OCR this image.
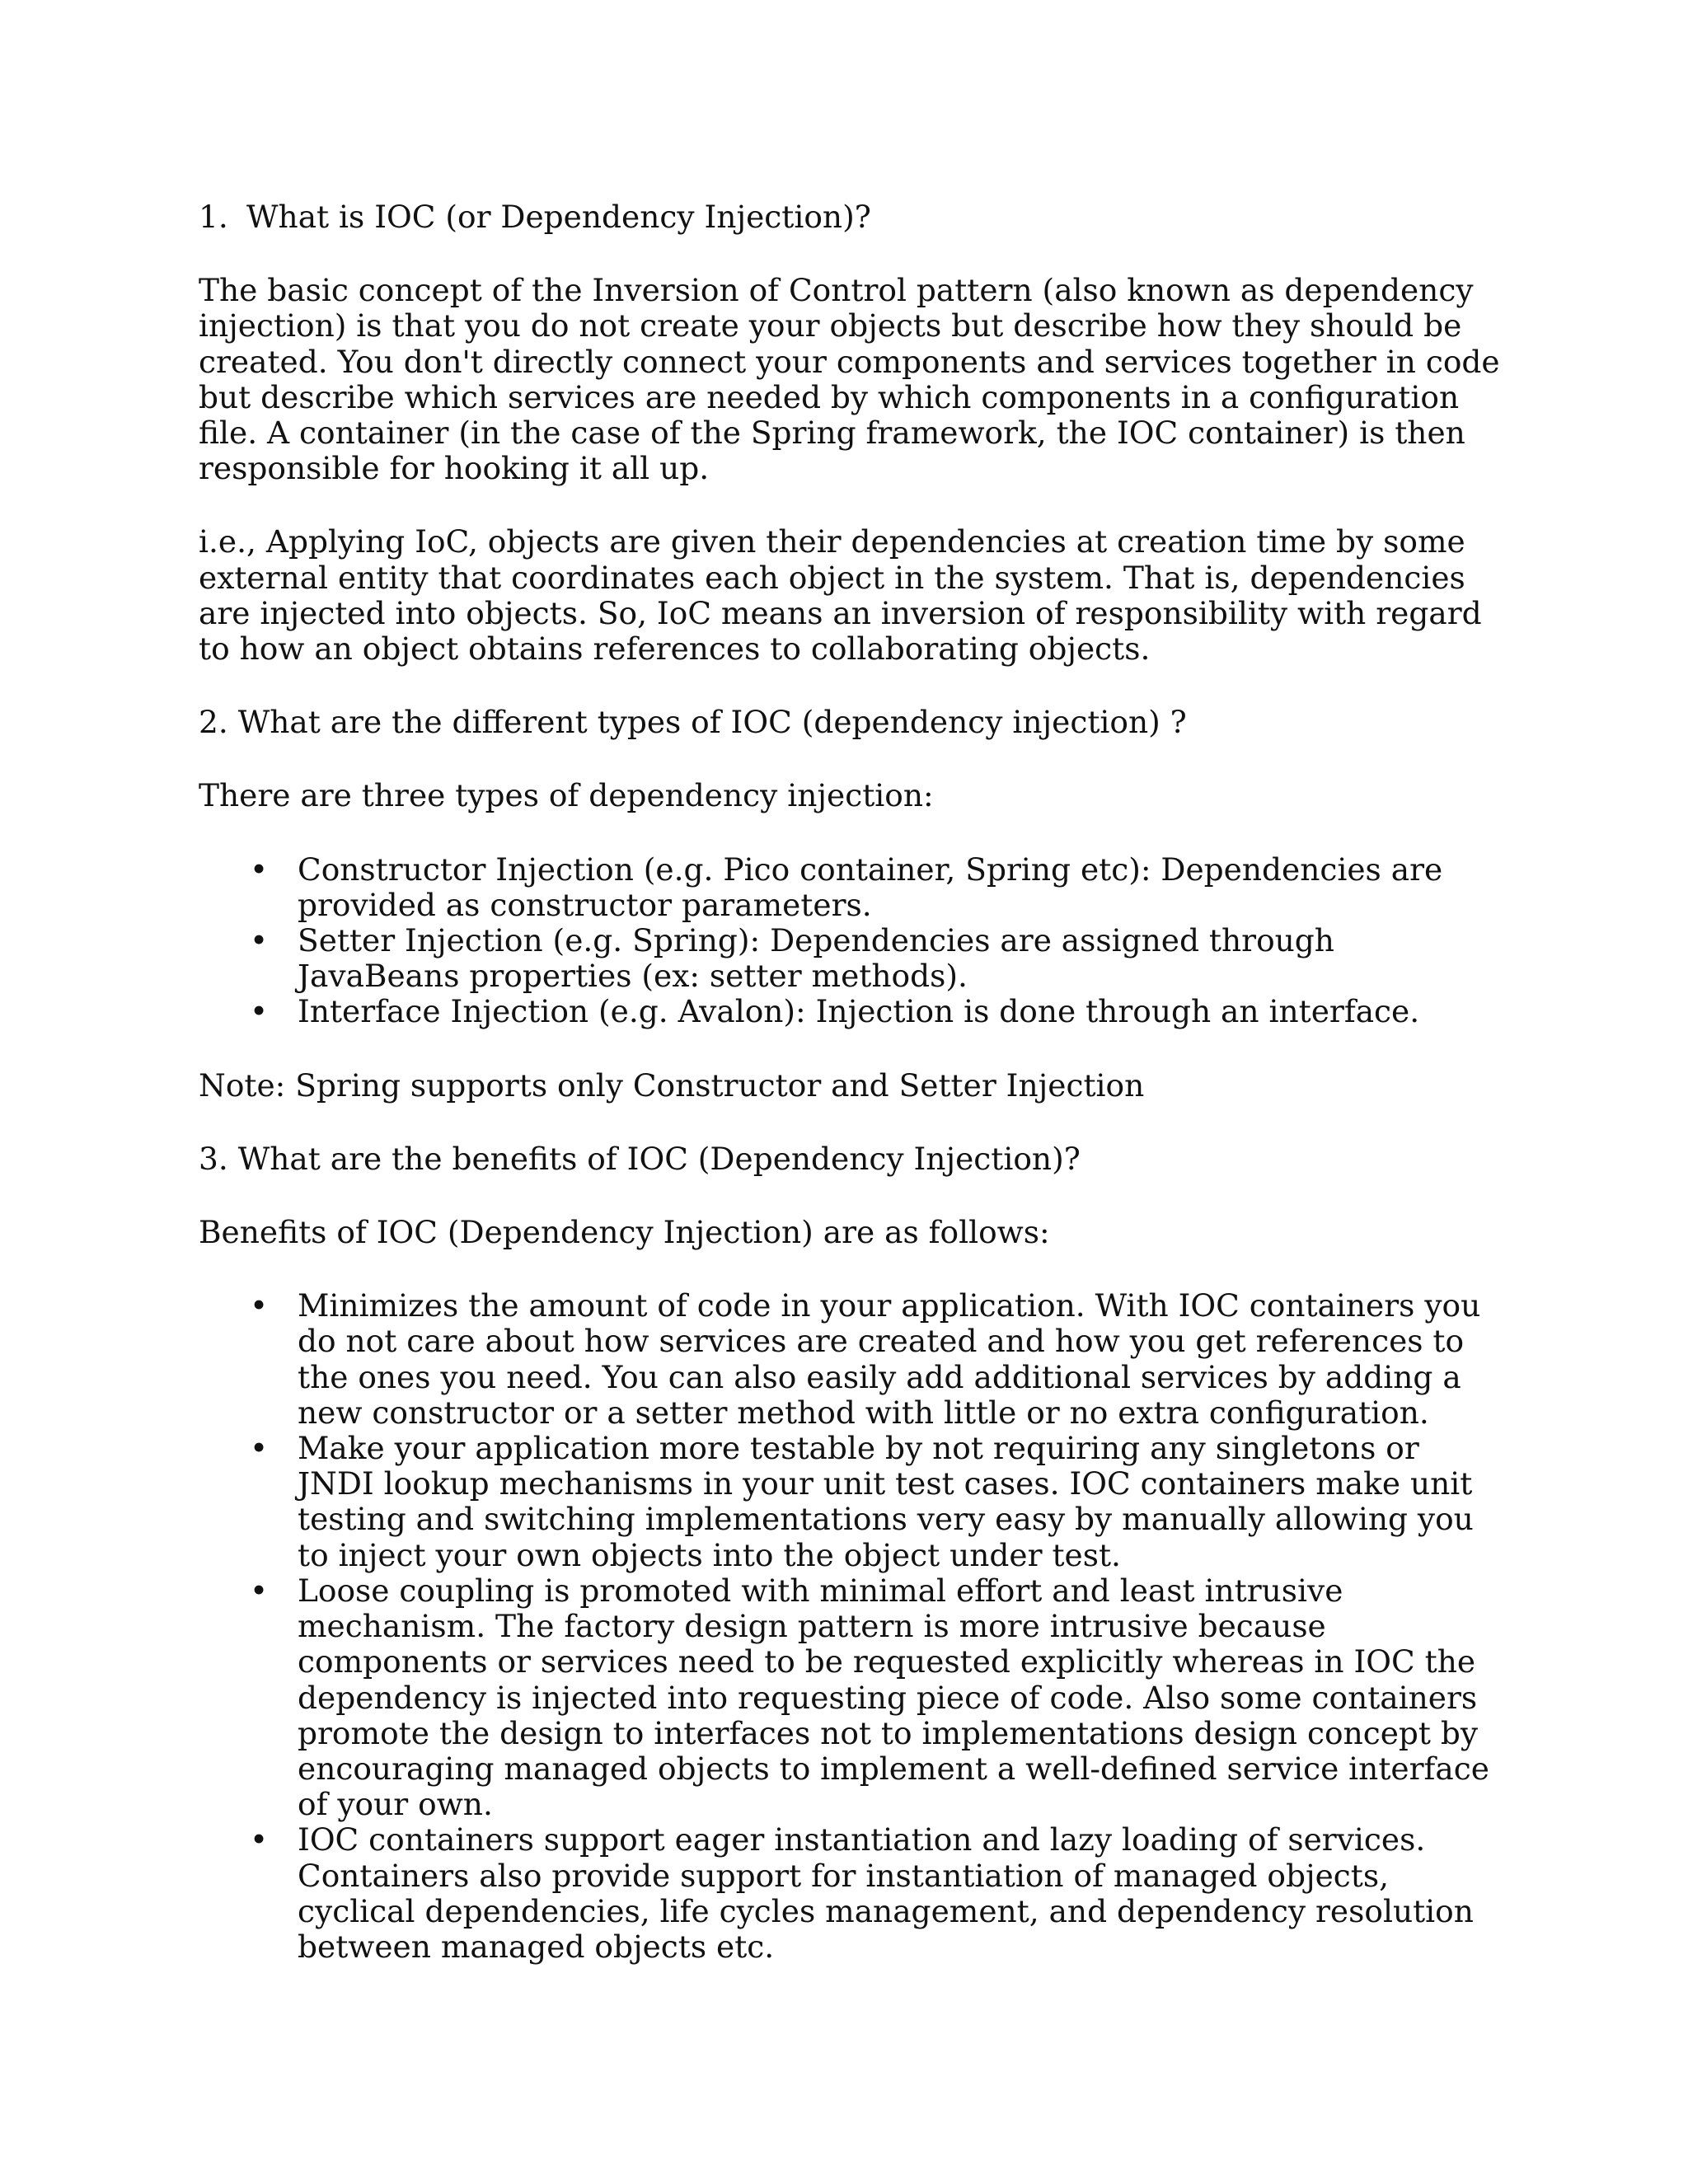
1. What is IOC (or Dependency Injection)?

The basic concept of the Inversion of Control pattern (also known as dependency injection) is that you do not create your objects but describe how they should be created. You don't directly connect your components and services together in code but describe which services are needed by which components in a configuration file. A container (in the case of the Spring framework, the IOC container) is then responsible for hooking it all up.

i.e., Applying IoC, objects are given their dependencies at creation time by some external entity that coordinates each object in the system. That is, dependencies are injected into objects. So, IoC means an inversion of responsibility with regard to how an object obtains references to collaborating objects.

2. What are the different types of IOC (dependency injection) ?

There are three types of dependency injection:

• Constructor Injection (e.g. Pico container, Spring etc): Dependencies are provided as constructor parameters.
• Setter Injection (e.g. Spring): Dependencies are assigned through JavaBeans properties (ex: setter methods).
• Interface Injection (e.g. Avalon): Injection is done through an interface.

Note: Spring supports only Constructor and Setter Injection

3. What are the benefits of IOC (Dependency Injection)?

Benefits of IOC (Dependency Injection) are as follows:

• Minimizes the amount of code in your application. With IOC containers you do not care about how services are created and how you get references to the ones you need. You can also easily add additional services by adding a new constructor or a setter method with little or no extra configuration.
• Make your application more testable by not requiring any singletons or JNDI lookup mechanisms in your unit test cases. IOC containers make unit testing and switching implementations very easy by manually allowing you to inject your own objects into the object under test.
• Loose coupling is promoted with minimal effort and least intrusive mechanism. The factory design pattern is more intrusive because components or services need to be requested explicitly whereas in IOC the dependency is injected into requesting piece of code. Also some containers promote the design to interfaces not to implementations design concept by encouraging managed objects to implement a well-defined service interface of your own.
• IOC containers support eager instantiation and lazy loading of services. Containers also provide support for instantiation of managed objects, cyclical dependencies, life cycles management, and dependency resolution between managed objects etc.
